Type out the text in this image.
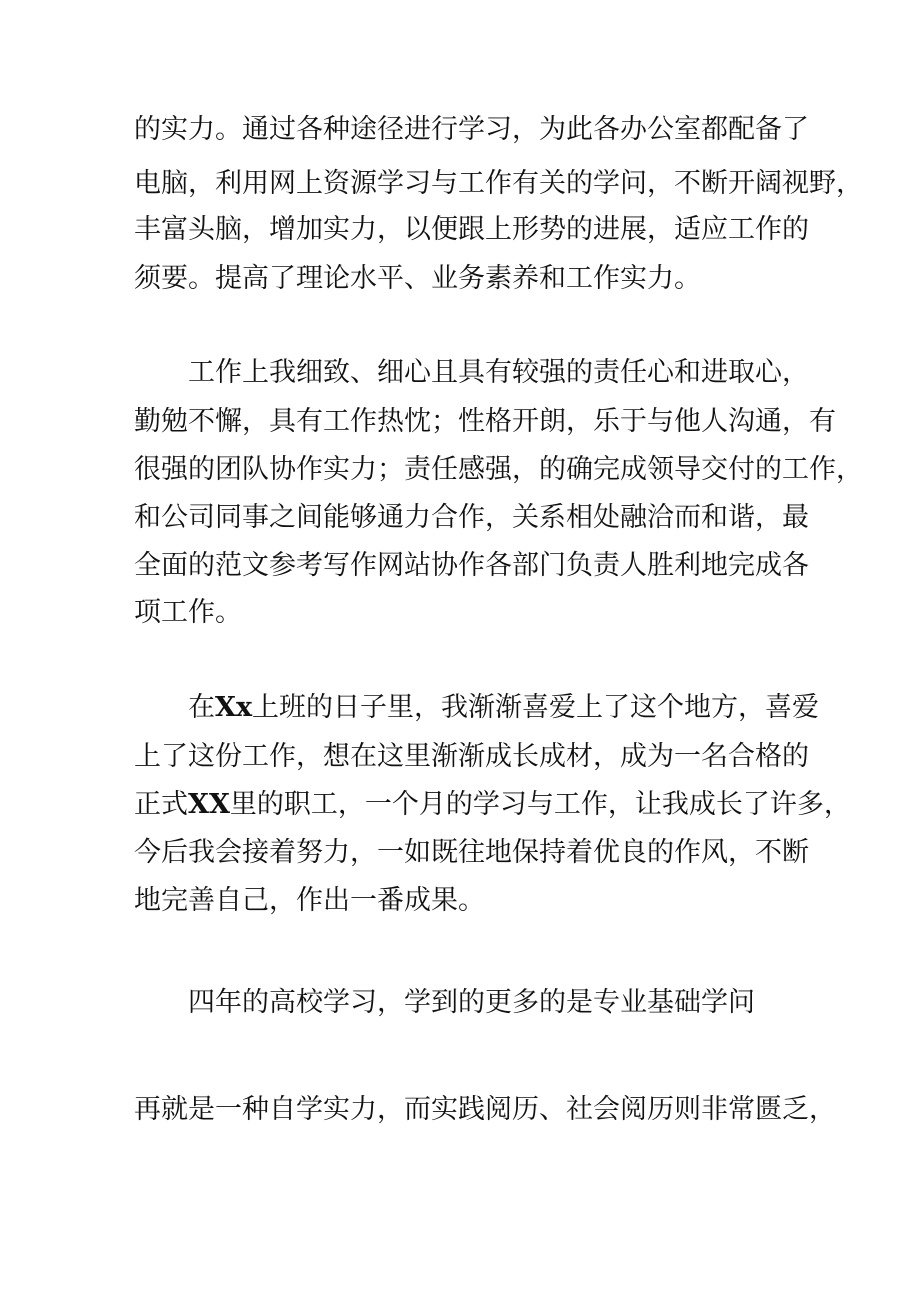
的实力。通过各种途径进行学习，为此各办公室都配备了

电脑，利用网上资源学习与工作有关的学问，不断开阔视野，

丰富头脑，增加实力，以便跟上形势的进展，适应工作的

须要。提高了理论水平、业务素养和工作实力。

工作上我细致、细心且具有较强的责任心和进取心，

勤勉不懈，具有工作热忱；性格开朗，乐于与他人沟通，有

很强的团队协作实力；责任感强，的确完成领导交付的工作，

和公司同事之间能够通力合作，关系相处融洽而和谐，最

全面的范文参考写作网站协作各部门负责人胜利地完成各

项工作。

在Xx上班的日子里，我渐渐喜爱上了这个地方，喜爱

上了这份工作，想在这里渐渐成长成材，成为一名合格的

正式XX里的职工，一个月的学习与工作，让我成长了许多，

今后我会接着努力，一如既往地保持着优良的作风，不断

地完善自己，作出一番成果。

四年的高校学习，学到的更多的是专业基础学问

再就是一种自学实力，而实践阅历、社会阅历则非常匮乏，
